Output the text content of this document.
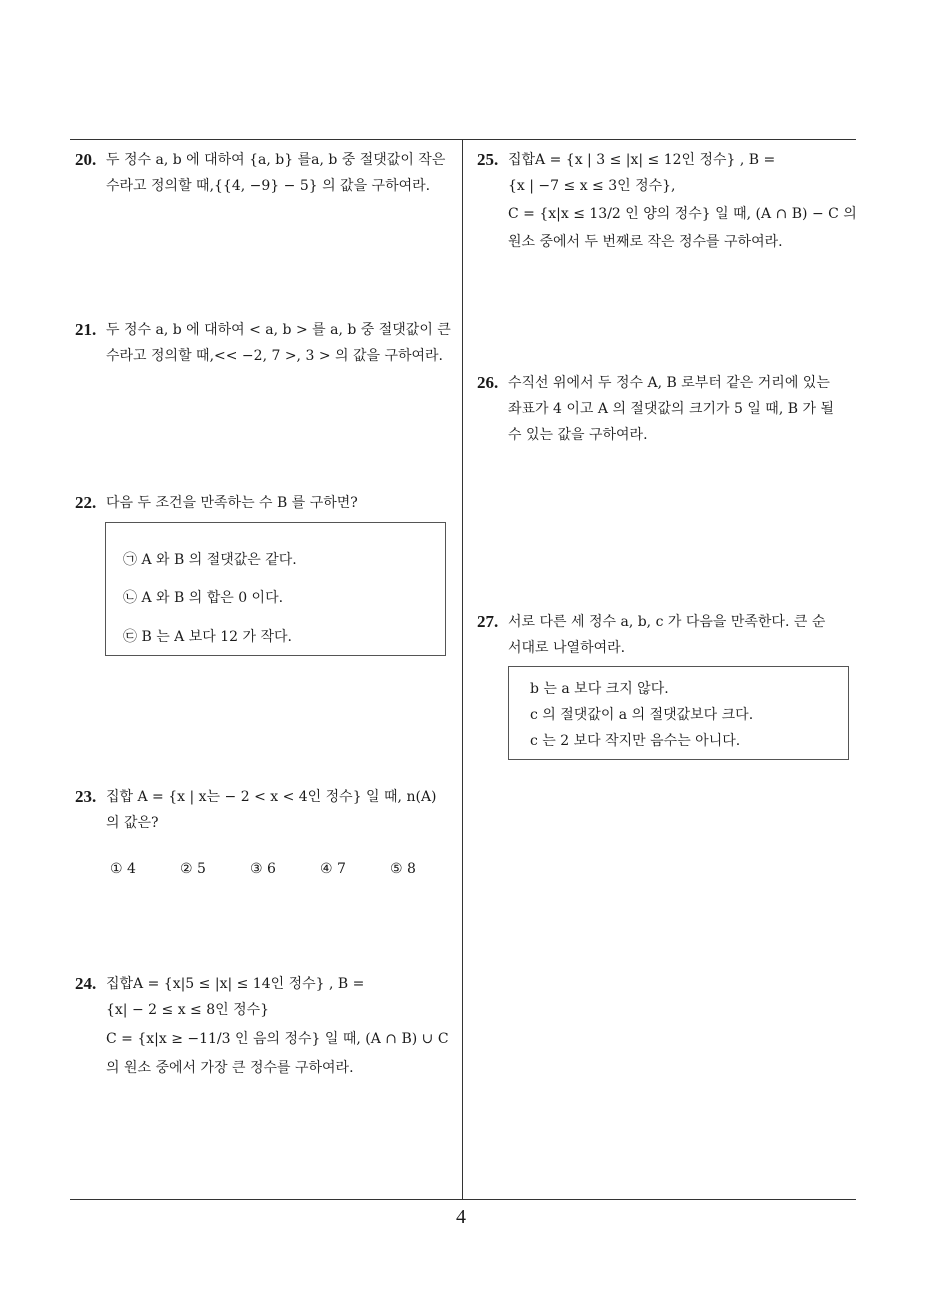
20. 두 정수 a, b 에 대하여 {a, b} 를a, b 중 절댓값이 작은
수라고 정의할 때,{{4, −9} − 5} 의 값을 구하여라.
21. 두 정수 a, b 에 대하여 < a, b > 를 a, b 중 절댓값이 큰
수라고 정의할 때,<< −2, 7 >, 3 > 의 값을 구하여라.
22. 다음 두 조건을 만족하는 수 B 를 구하면?
㉠ A 와 B 의 절댓값은 같다.
㉡ A 와 B 의 합은 0 이다.
㉢ B 는 A 보다 12 가 작다.
23. 집합 A = {x | x는 − 2 < x < 4인 정수} 일 때, n(A)
의 값은?
① 4	② 5	③ 6	④ 7	⑤ 8
24. 집합A = {x|5 ≤ |x| ≤ 14인 정수} , B =
{x| − 2 ≤ x ≤ 8인 정수}
C = {x|x ≥ −11/3 인 음의 정수} 일 때, (A ∩ B) ∪ C
의 원소 중에서 가장 큰 정수를 구하여라.
25. 집합A = {x | 3 ≤ |x| ≤ 12인 정수} , B =
{x | −7 ≤ x ≤ 3인 정수},
C = {x|x ≤ 13/2 인 양의 정수} 일 때, (A ∩ B) − C 의
원소 중에서 두 번째로 작은 정수를 구하여라.
26. 수직선 위에서 두 정수 A, B 로부터 같은 거리에 있는
좌표가 4 이고 A 의 절댓값의 크기가 5 일 때, B 가 될
수 있는 값을 구하여라.
27. 서로 다른 세 정수 a, b, c 가 다음을 만족한다. 큰 순
서대로 나열하여라.
b 는 a 보다 크지 않다.
c 의 절댓값이 a 의 절댓값보다 크다.
c 는 2 보다 작지만 음수는 아니다.
4
